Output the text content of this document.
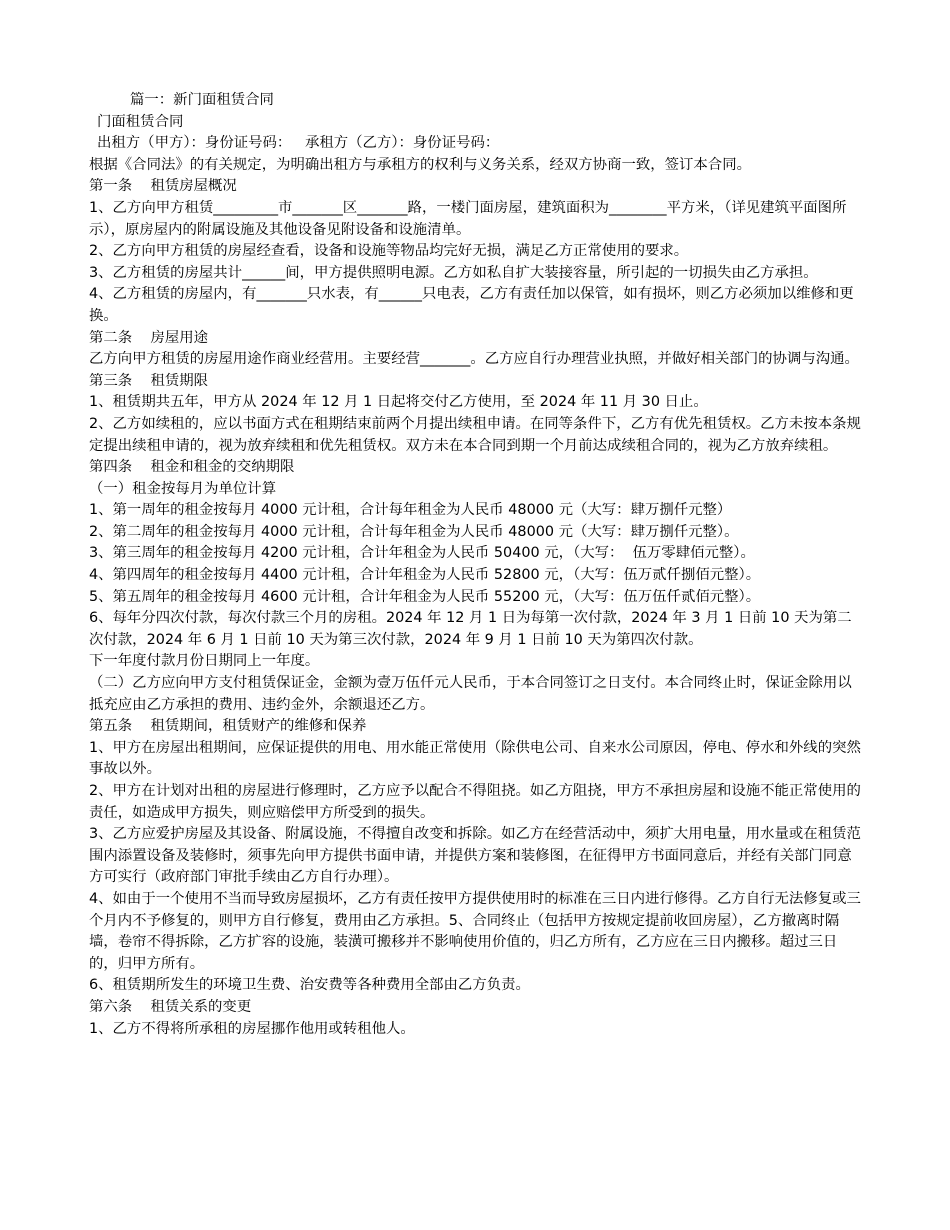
篇一：新门面租赁合同

门面租赁合同

出租方（甲方）：身份证号码：   承租方（乙方）：身份证号码：

根据《合同法》的有关规定，为明确出租方与承租方的权利与义务关系，经双方协商一致，签订本合同。

第一条    租赁房屋概况

1、乙方向甲方租赁_________市_______区_______路，一楼门面房屋，建筑面积为________平方米，（详见建筑平面图所示），原房屋内的附属设施及其他设备见附设备和设施清单。

2、乙方向甲方租赁的房屋经查看，设备和设施等物品均完好无损，满足乙方正常使用的要求。

3、乙方租赁的房屋共计______间，甲方提供照明电源。乙方如私自扩大装接容量，所引起的一切损失由乙方承担。

4、乙方租赁的房屋内，有_______只水表，有______只电表，乙方有责任加以保管，如有损坏，则乙方必须加以维修和更换。

第二条    房屋用途

乙方向甲方租赁的房屋用途作商业经营用。主要经营_______。乙方应自行办理营业执照，并做好相关部门的协调与沟通。第三条    租赁期限

1、租赁期共五年，甲方从 2024 年 12 月 1 日起将交付乙方使用，至 2024 年 11 月 30 日止。

2、乙方如续租的，应以书面方式在租期结束前两个月提出续租申请。在同等条件下，乙方有优先租赁权。乙方未按本条规定提出续租申请的，视为放弃续租和优先租赁权。双方未在本合同到期一个月前达成续租合同的，视为乙方放弃续租。

第四条    租金和租金的交纳期限

（一）租金按每月为单位计算

1、第一周年的租金按每月 4000 元计租，合计每年租金为人民币 48000 元（大写：肆万捌仟元整）

2、第二周年的租金按每月 4000 元计租，合计每年租金为人民币 48000 元（大写：肆万捌仟元整）。

3、第三周年的租金按每月 4200 元计租，合计年租金为人民币 50400 元，（大写：  伍万零肆佰元整）。

4、第四周年的租金按每月 4400 元计租，合计年租金为人民币 52800 元，（大写：伍万贰仟捌佰元整）。

5、第五周年的租金按每月 4600 元计租，合计年租金为人民币 55200 元，（大写：伍万伍仟贰佰元整）。

6、每年分四次付款，每次付款三个月的房租。2024 年 12 月 1 日为每第一次付款，2024 年 3 月 1 日前 10 天为第二次付款，2024 年 6 月 1 日前 10 天为第三次付款，2024 年 9 月 1 日前 10 天为第四次付款。

下一年度付款月份日期同上一年度。

（二）乙方应向甲方支付租赁保证金，金额为壹万伍仟元人民币，于本合同签订之日支付。本合同终止时，保证金除用以抵充应由乙方承担的费用、违约金外，余额退还乙方。

第五条    租赁期间，租赁财产的维修和保养

1、甲方在房屋出租期间，应保证提供的用电、用水能正常使用（除供电公司、自来水公司原因，停电、停水和外线的突然事故以外。

2、甲方在计划对出租的房屋进行修理时，乙方应予以配合不得阻挠。如乙方阻挠，甲方不承担房屋和设施不能正常使用的责任，如造成甲方损失，则应赔偿甲方所受到的损失。

3、乙方应爱护房屋及其设备、附属设施，不得擅自改变和拆除。如乙方在经营活动中，须扩大用电量，用水量或在租赁范围内添置设备及装修时，须事先向甲方提供书面申请，并提供方案和装修图，在征得甲方书面同意后，并经有关部门同意方可实行（政府部门审批手续由乙方自行办理）。

4、如由于一个使用不当而导致房屋损坏，乙方有责任按甲方提供使用时的标准在三日内进行修得。乙方自行无法修复或三个月内不予修复的，则甲方自行修复，费用由乙方承担。5、合同终止（包括甲方按规定提前收回房屋），乙方撤离时隔墙，卷帘不得拆除，乙方扩容的设施，装潢可搬移并不影响使用价值的，归乙方所有，乙方应在三日内搬移。超过三日的，归甲方所有。

6、租赁期所发生的环境卫生费、治安费等各种费用全部由乙方负责。

第六条    租赁关系的变更

1、乙方不得将所承租的房屋挪作他用或转租他人。
